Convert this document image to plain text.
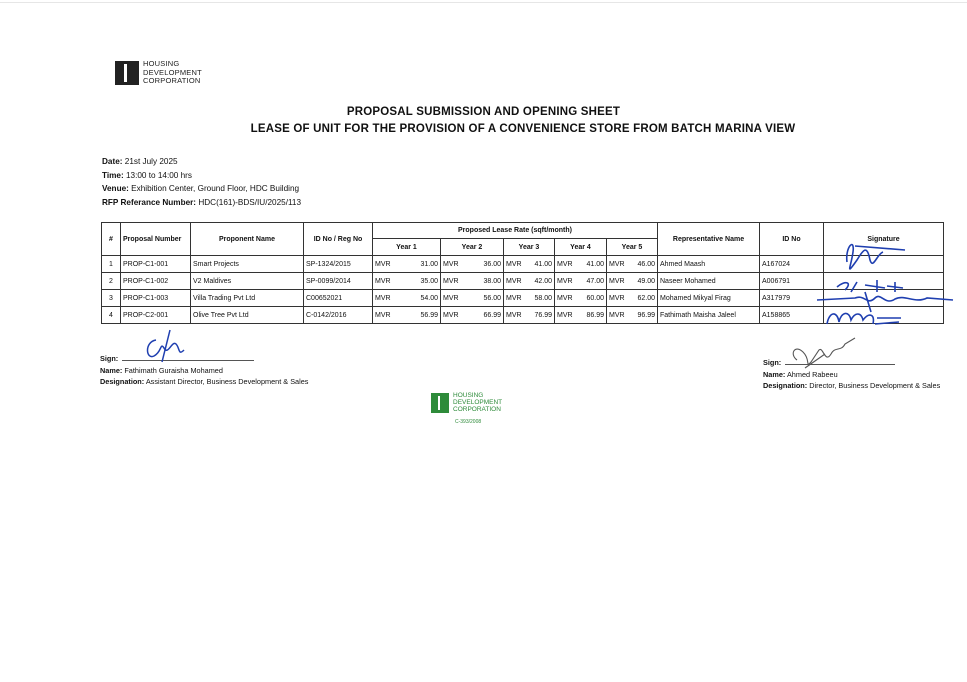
HOUSING
DEVELOPMENT
CORPORATION
PROPOSAL SUBMISSION AND OPENING SHEET
LEASE OF UNIT FOR THE PROVISION OF A CONVENIENCE STORE FROM BATCH MARINA VIEW
Date: 21st July 2025
Time: 13:00 to 14:00 hrs
Venue: Exhibition Center, Ground Floor, HDC Building
RFP Referance Number: HDC(161)-BDS/IU/2025/113
#	Proposal Number	Proponent Name	ID No / Reg No	Proposed Lease Rate (sqft/month)					Representative Name	ID No	Signature
				Year 1	Year 2	Year 3	Year 4	Year 5			
1	PROP-C1-001	Smart Projects	SP-1324/2015	MVR 31.00	MVR 36.00	MVR 41.00	MVR 41.00	MVR 46.00	Ahmed Maash	A167024	
2	PROP-C1-002	V2 Maldives	SP-0099/2014	MVR 35.00	MVR 38.00	MVR 42.00	MVR 47.00	MVR 49.00	Naseer Mohamed	A006791	
3	PROP-C1-003	Villa Trading Pvt Ltd	C00652021	MVR 54.00	MVR 56.00	MVR 58.00	MVR 60.00	MVR 62.00	Mohamed Mikyal Firag	A317979	
4	PROP-C2-001	Olive Tree Pvt Ltd	C-0142/2016	MVR 56.99	MVR 66.99	MVR 76.99	MVR 86.99	MVR 96.99	Fathimath Maisha Jaleel	A158865	
Sign:
Name: Fathimath Guraisha Mohamed
Designation: Assistant Director, Business Development & Sales
Sign:
Name: Ahmed Rabeeu
Designation: Director, Business Development & Sales
HOUSING
DEVELOPMENT
CORPORATION
C-393/2008
